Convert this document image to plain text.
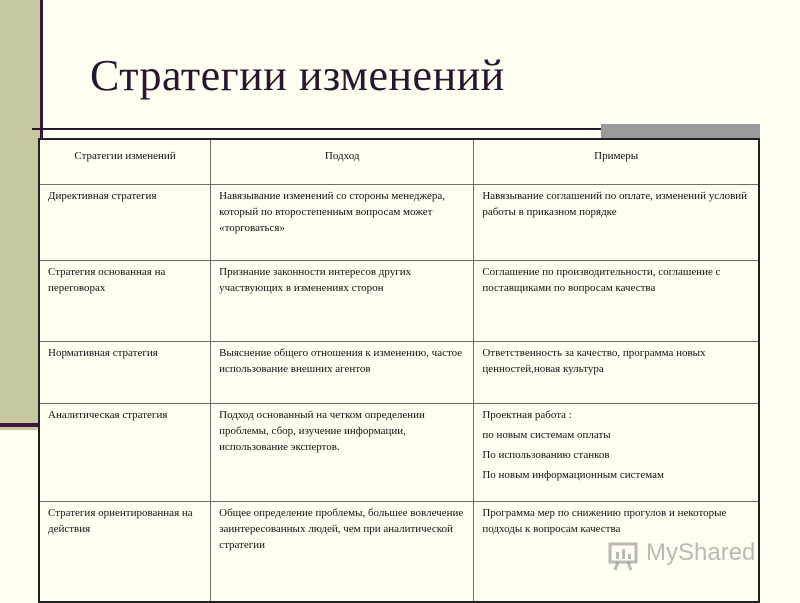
Стратегии изменений
Стратегии изменений	Подход	Примеры
Директивная стратегия	Навязывание изменений со стороны менеджера, который по второстепенным вопросам может «торговаться»	Навязывание соглашений по оплате, изменений условий работы в приказном порядке

Стратегия основанная на переговорах	Признание законности интересов других участвующих в изменениях сторон	Соглашение по производительности, соглашение с поставщиками по вопросам качества

Нормативная стратегия	Выяснение общего отношения к изменению, частое использование внешних агентов	Ответственность за качество, программа новых ценностей,новая культура

Аналитическая стратегия	Подход основанный на четком определении проблемы, сбор, изучение информации, использование экспертов.	Проектная работа :
по новым системам оплаты
По использованию станков
По новым информационным системам

Стратегия ориентированная на действия	Общее определение проблемы, большее вовлечение заинтересованных людей, чем при аналитической стратегии	Программа мер по снижению прогулов и некоторые подходы к вопросам качества
MyShared
